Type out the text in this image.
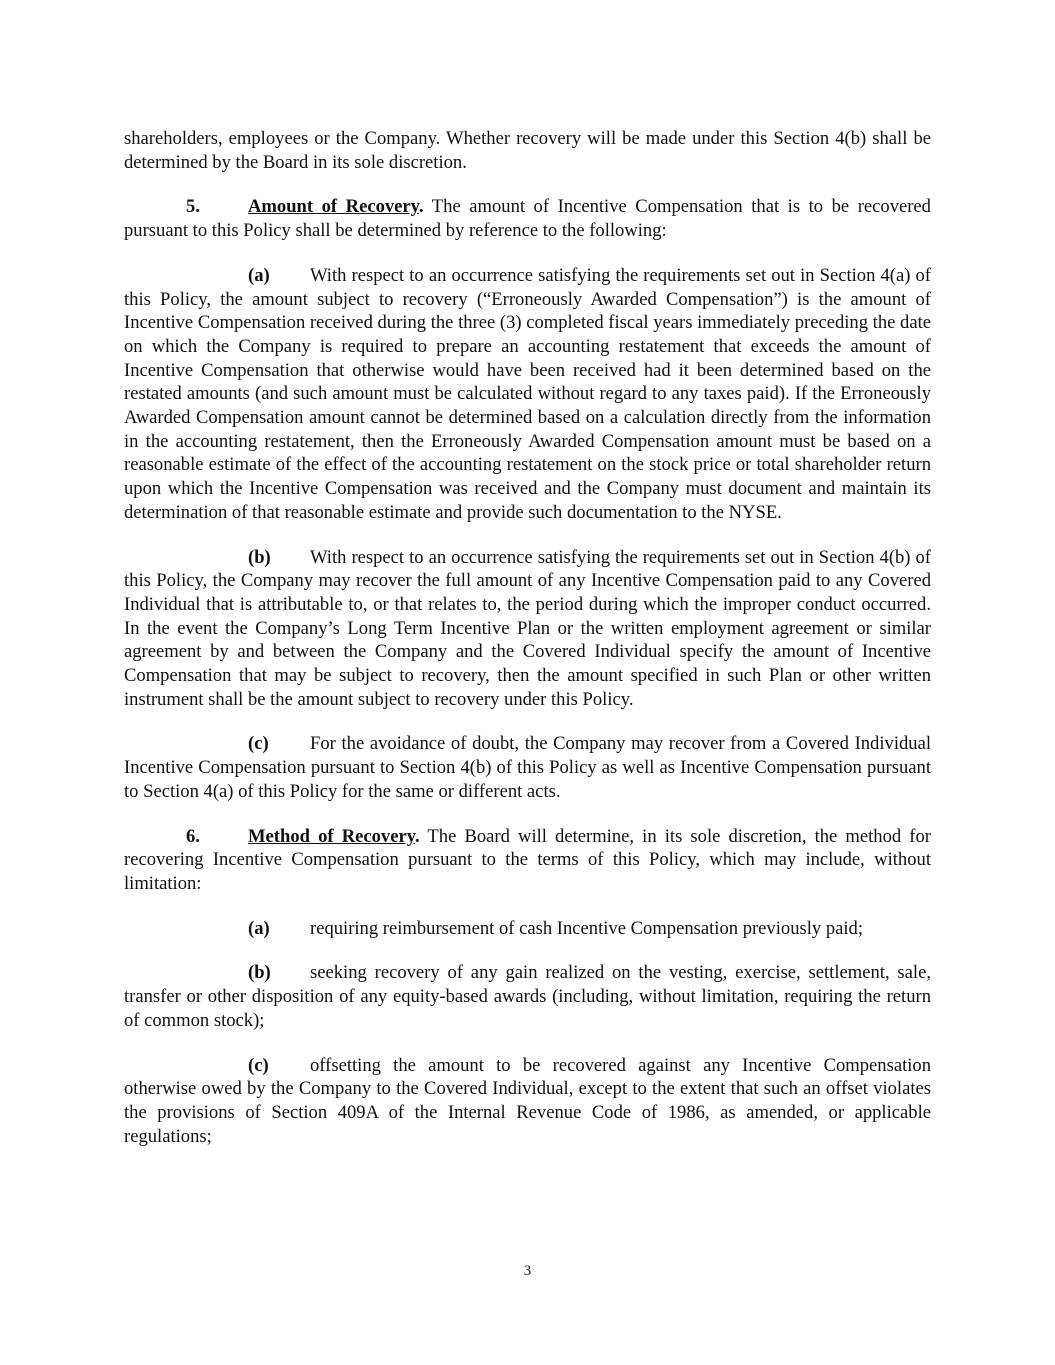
shareholders, employees or the Company. Whether recovery will be made under this Section 4(b) shall be determined by the Board in its sole discretion.

5.	Amount of Recovery. The amount of Incentive Compensation that is to be recovered pursuant to this Policy shall be determined by reference to the following:

(a) With respect to an occurrence satisfying the requirements set out in Section 4(a) of this Policy, the amount subject to recovery (“Erroneously Awarded Compensation”) is the amount of Incentive Compensation received during the three (3) completed fiscal years immediately preceding the date on which the Company is required to prepare an accounting restatement that exceeds the amount of Incentive Compensation that otherwise would have been received had it been determined based on the restated amounts (and such amount must be calculated without regard to any taxes paid). If the Erroneously Awarded Compensation amount cannot be determined based on a calculation directly from the information in the accounting restatement, then the Erroneously Awarded Compensation amount must be based on a reasonable estimate of the effect of the accounting restatement on the stock price or total shareholder return upon which the Incentive Compensation was received and the Company must document and maintain its determination of that reasonable estimate and provide such documentation to the NYSE.

(b) With respect to an occurrence satisfying the requirements set out in Section 4(b) of this Policy, the Company may recover the full amount of any Incentive Compensation paid to any Covered Individual that is attributable to, or that relates to, the period during which the improper conduct occurred. In the event the Company’s Long Term Incentive Plan or the written employment agreement or similar agreement by and between the Company and the Covered Individual specify the amount of Incentive Compensation that may be subject to recovery, then the amount specified in such Plan or other written instrument shall be the amount subject to recovery under this Policy.

(c) For the avoidance of doubt, the Company may recover from a Covered Individual Incentive Compensation pursuant to Section 4(b) of this Policy as well as Incentive Compensation pursuant to Section 4(a) of this Policy for the same or different acts.

6.	Method of Recovery. The Board will determine, in its sole discretion, the method for recovering Incentive Compensation pursuant to the terms of this Policy, which may include, without limitation:

(a) requiring reimbursement of cash Incentive Compensation previously paid;

(b) seeking recovery of any gain realized on the vesting, exercise, settlement, sale, transfer or other disposition of any equity-based awards (including, without limitation, requiring the return of common stock);

(c) offsetting the amount to be recovered against any Incentive Compensation otherwise owed by the Company to the Covered Individual, except to the extent that such an offset violates the provisions of Section 409A of the Internal Revenue Code of 1986, as amended, or applicable regulations;

3
